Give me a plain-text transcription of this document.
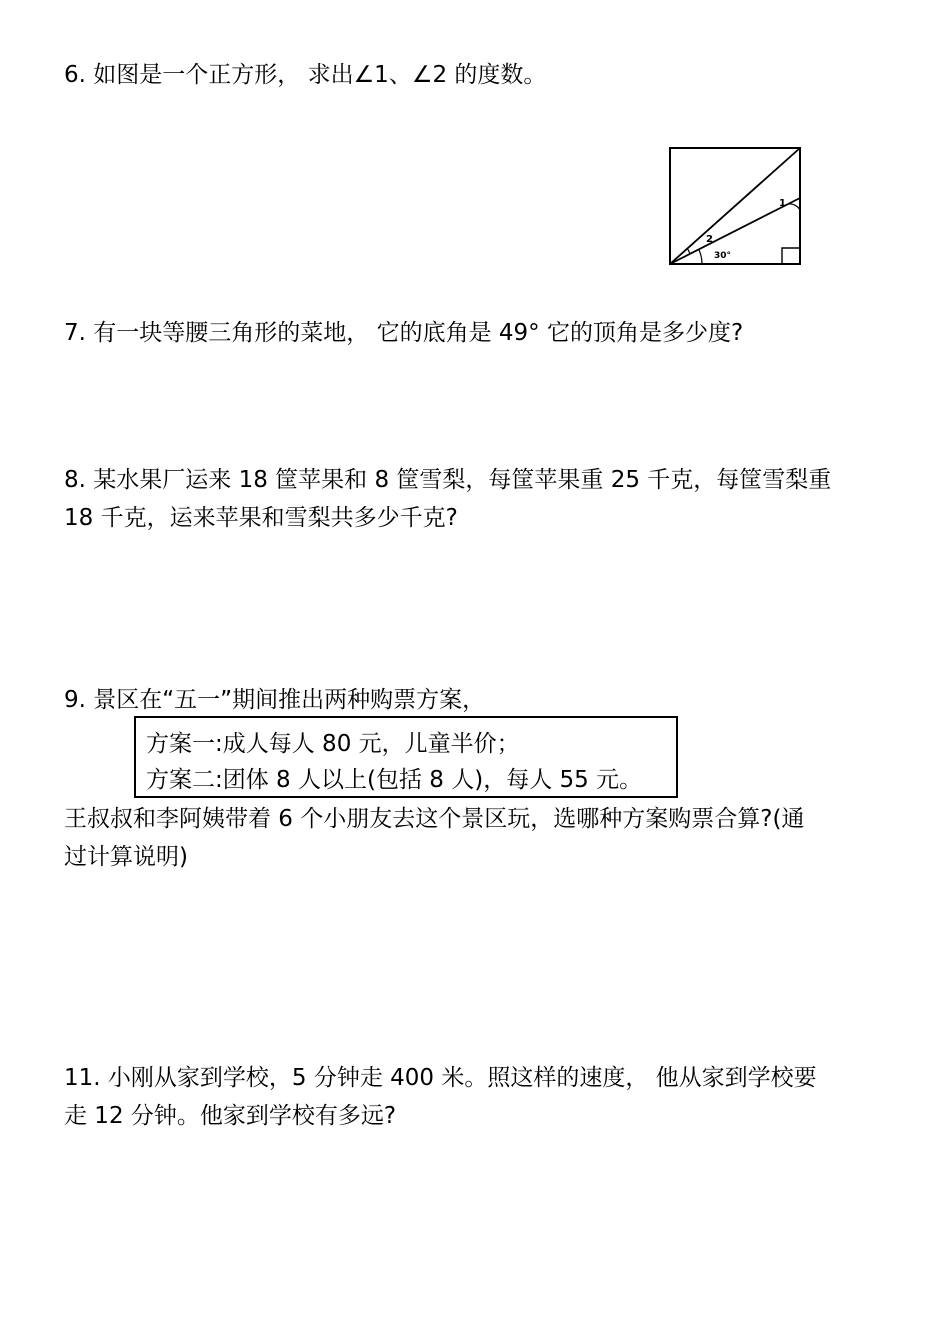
6. 如图是一个正方形， 求出∠1、∠2 的度数。
1
2
30°
7. 有一块等腰三角形的菜地， 它的底角是 49° 它的顶角是多少度?
8. 某水果厂运来 18 筐苹果和 8 筐雪梨，每筐苹果重 25 千克，每筐雪梨重
18 千克，运来苹果和雪梨共多少千克?
9. 景区在“五一”期间推出两种购票方案，
方案一:成人每人 80 元，儿童半价；
方案二:团体 8 人以上(包括 8 人)，每人 55 元。
王叔叔和李阿姨带着 6 个小朋友去这个景区玩，选哪种方案购票合算?(通
过计算说明)
11. 小刚从家到学校，5 分钟走 400 米。照这样的速度， 他从家到学校要
走 12 分钟。他家到学校有多远?
